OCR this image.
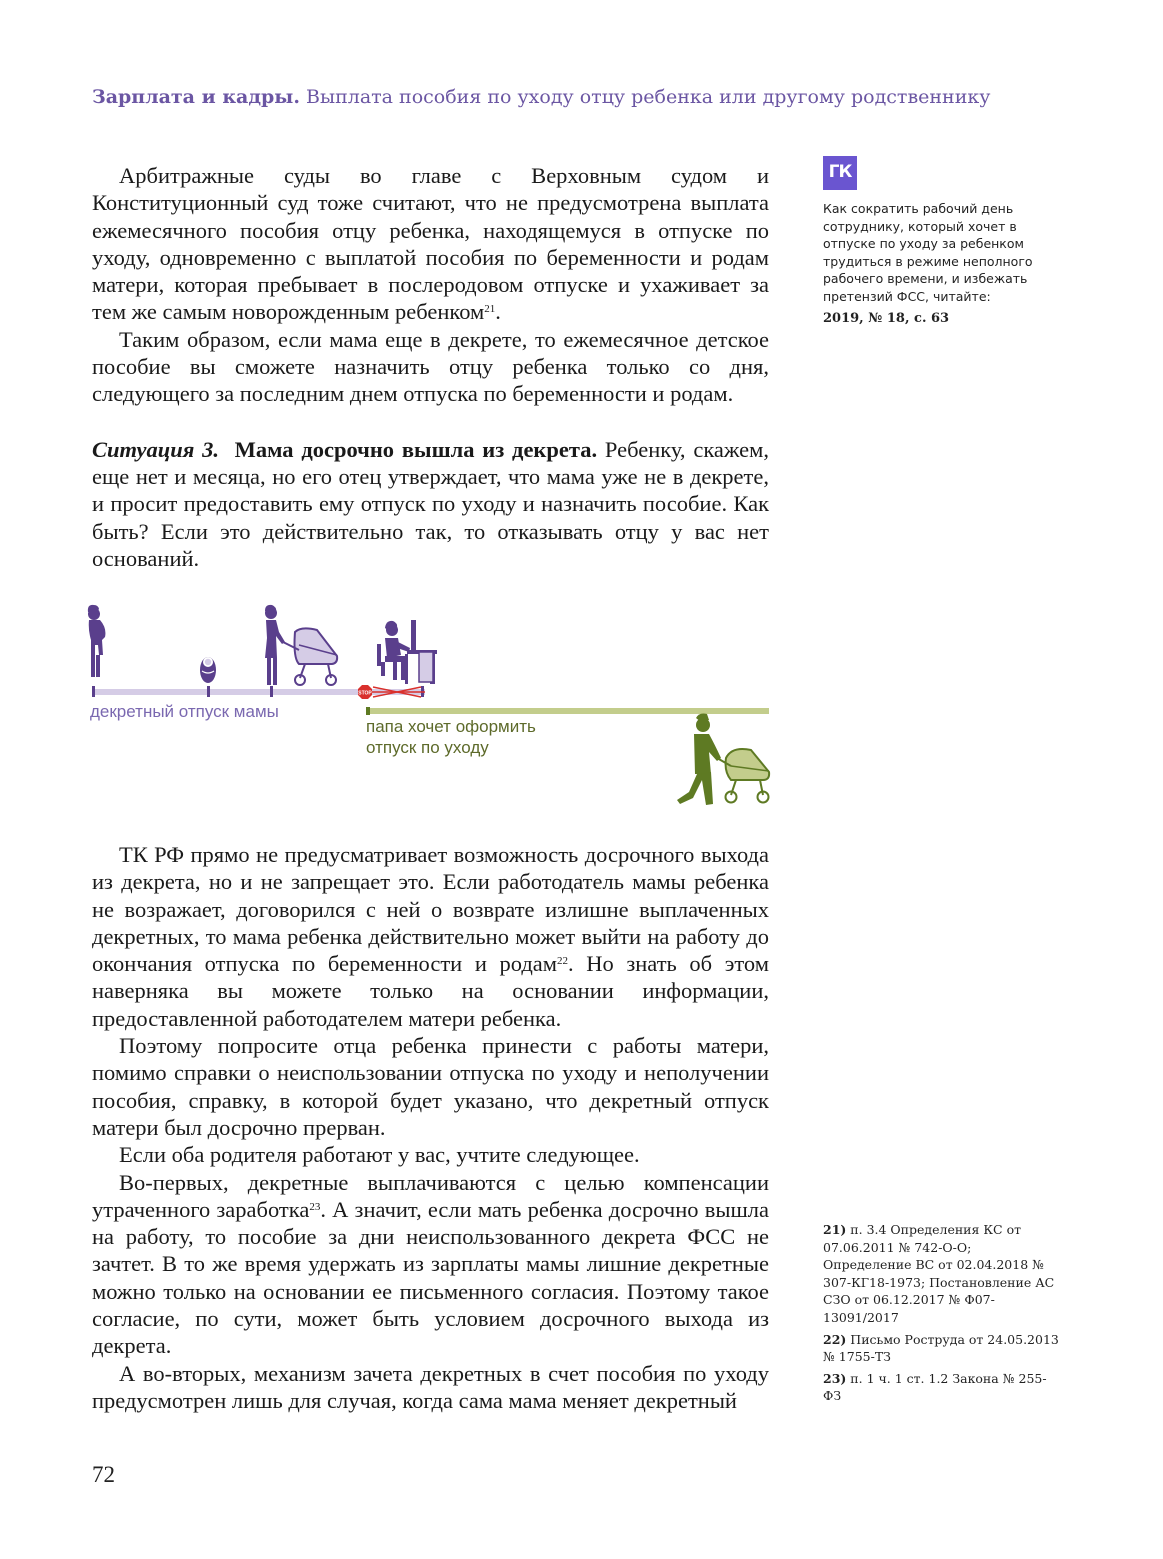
Зарплата и кадры. Выплата пособия по уходу отцу ребенка или другому родственнику

Арбитражные суды во главе с Верховным судом и Конституционный суд тоже считают, что не предусмотрена выплата ежемесячного пособия отцу ребенка, находящемуся в отпуске по уходу, одновременно с выплатой пособия по беременности и родам матери, которая пребывает в послеродовом отпуске и ухаживает за тем же самым новорожденным ребенком$^{21}$.

Таким образом, если мама еще в декрете, то ежемесячное детское пособие вы сможете назначить отцу ребенка только со дня, следующего за последним днем отпуска по беременности и родам.

Ситуация 3. Мама досрочно вышла из декрета. Ребенку, скажем, еще нет и месяца, но его отец утверждает, что мама уже не в декрете, и просит предоставить ему отпуск по уходу и назначить пособие. Как быть? Если это действительно так, то отказывать отцу у вас нет оснований.

STOP
декретный отпуск мамы
папа хочет оформить отпуск по уходу

ТК РФ прямо не предусматривает возможность досрочного выхода из декрета, но и не запрещает это. Если работодатель мамы ребенка не возражает, договорился с ней о возврате излишне выплаченных декретных, то мама ребенка действительно может выйти на работу до окончания отпуска по беременности и родам$^{22}$. Но знать об этом наверняка вы можете только на основании информации, предоставленной работодателем матери ребенка.

Поэтому попросите отца ребенка принести с работы матери, помимо справки о неиспользовании отпуска по уходу и неполучении пособия, справку, в которой будет указано, что декретный отпуск матери был досрочно прерван.

Если оба родителя работают у вас, учтите следующее.

Во-первых, декретные выплачиваются с целью компенсации утраченного заработка$^{23}$. А значит, если мать ребенка досрочно вышла на работу, то пособие за дни неиспользованного декрета ФСС не зачтет. В то же время удержать из зарплаты мамы лишние декретные можно только на основании ее письменного согласия. Поэтому такое согласие, по сути, может быть условием досрочного выхода из декрета.

А во-вторых, механизм зачета декретных в счет пособия по уходу предусмотрен лишь для случая, когда сама мама меняет декретный

ГК
Как сократить рабочий день сотруднику, который хочет в отпуске по уходу за ребенком трудиться в режиме неполного рабочего времени, и избежать претензий ФСС, читайте:
2019, № 18, с. 63
21) п. 3.4 Определения КС от 07.06.2011 № 742-О-О; Определение ВС от 02.04.2018 № 307-КГ18-1973; Постановление АС СЗО от 06.12.2017 № Ф07-13091/2017
22) Письмо Роструда от 24.05.2013 № 1755-ТЗ
23) п. 1 ч. 1 ст. 1.2 Закона № 255-ФЗ
72
